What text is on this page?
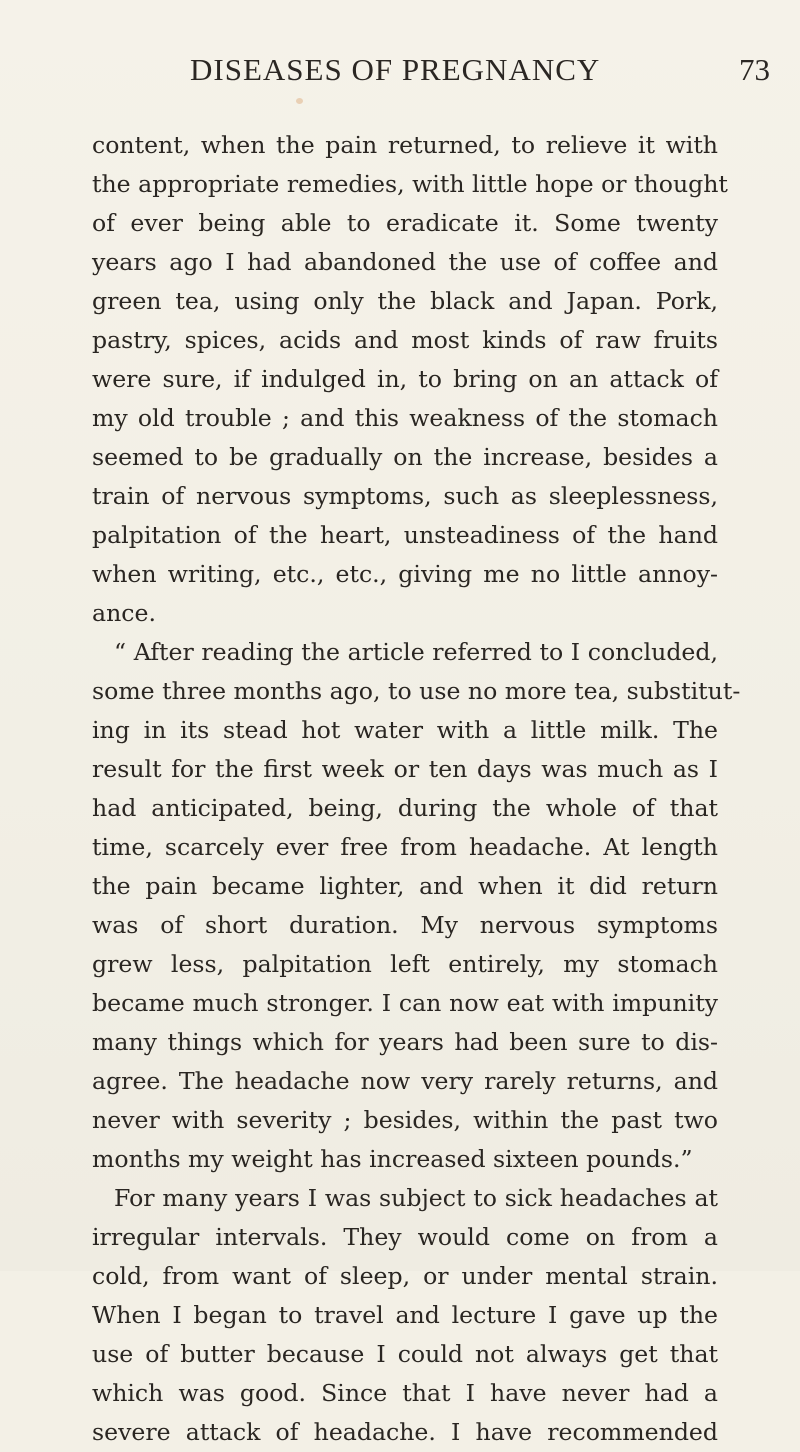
DISEASES OF PREGNANCY	73
content, when the pain returned, to relieve it with
the appropriate remedies, with little hope or thought
of ever being able to eradicate it. Some twenty
years ago I had abandoned the use of coffee and
green tea, using only the black and Japan. Pork,
pastry, spices, acids and most kinds of raw fruits
were sure, if indulged in, to bring on an attack of
my old trouble ; and this weakness of the stomach
seemed to be gradually on the increase, besides a
train of nervous symptoms, such as sleeplessness,
palpitation of the heart, unsteadiness of the hand
when writing, etc., etc., giving me no little annoy-
ance.
“ After reading the article referred to I concluded,
some three months ago, to use no more tea, substitut-
ing in its stead hot water with a little milk. The
result for the first week or ten days was much as I
had anticipated, being, during the whole of that
time, scarcely ever free from headache. At length
the pain became lighter, and when it did return
was of short duration. My nervous symptoms
grew less, palpitation left entirely, my stomach
became much stronger. I can now eat with impunity
many things which for years had been sure to dis-
agree. The headache now very rarely returns, and
never with severity ; besides, within the past two
months my weight has increased sixteen pounds.”
For many years I was subject to sick headaches at
irregular intervals. They would come on from a
cold, from want of sleep, or under mental strain.
When I began to travel and lecture I gave up the
use of butter because I could not always get that
which was good. Since that I have never had a
severe attack of headache. I have recommended
